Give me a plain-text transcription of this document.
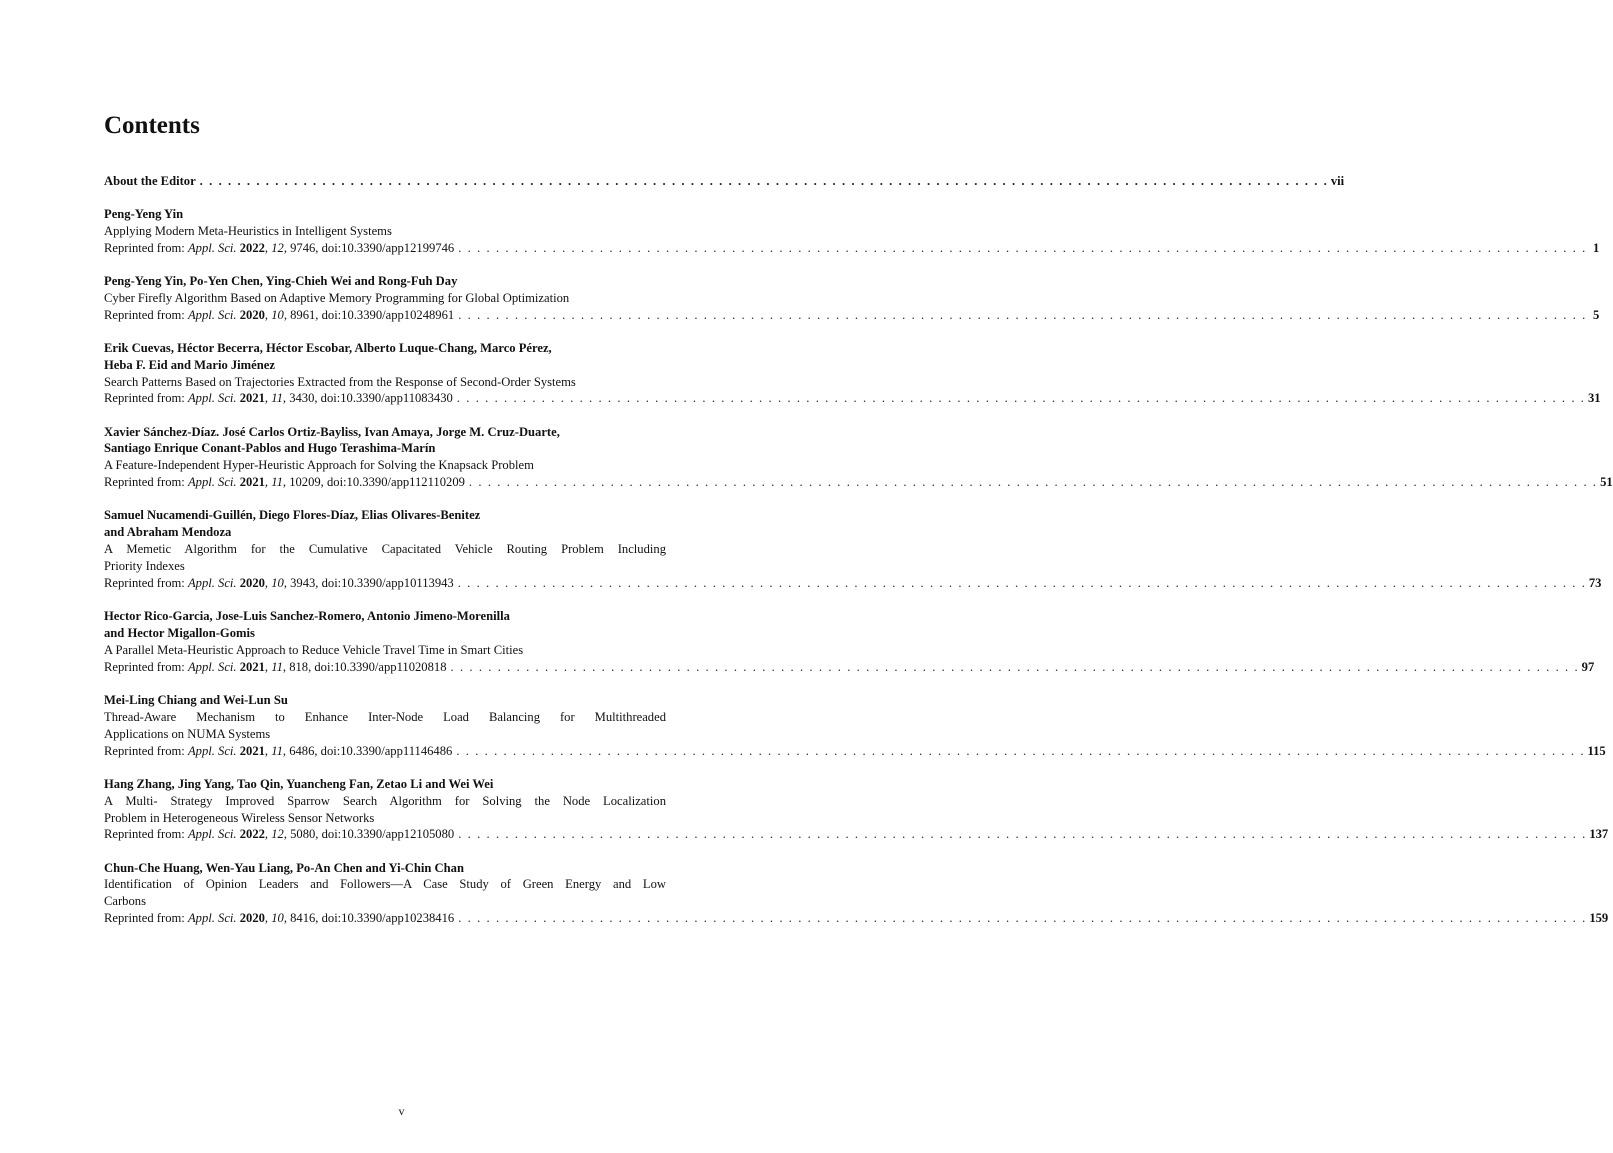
Contents
About the Editor . . . . . . . . . . . . . . . . . . . . . . . . . . . . . . . . . . . . . . . . . . . . . . . . . . . . . . . . . . . . . . . . . . . . . . . . . . . . . . . . . . . . . . . . . . . . . . . . . . . . . . . . . . . . . . . . . . . . . . . . vii
Peng-Yeng Yin
Applying Modern Meta-Heuristics in Intelligent Systems
Reprinted from: Appl. Sci. 2022, 12, 9746, doi:10.3390/app12199746 . . . . . . . . . . . . . . . . . . . . . . . . . . . . . . . . . . . . . . . . . . . . . . . . . . . . . . . . . . . . . . . . . . . . . . . . . . . . . . . . . . . . . . . . . . . . . . . . . . . . . . . . . . . . . . . . . . . . . . . . 1
Peng-Yeng Yin, Po-Yen Chen, Ying-Chieh Wei and Rong-Fuh Day
Cyber Firefly Algorithm Based on Adaptive Memory Programming for Global Optimization
Reprinted from: Appl. Sci. 2020, 10, 8961, doi:10.3390/app10248961 . . . . . . . . . . . . . . . . . . . . . . . . . . . . . . . . . . . . . . . . . . . . . . . . . . . . . . . . . . . . . . . . . . . . . . . . . . . . . . . . . . . . . . . . . . . . . . . . . . . . . . . . . . . . . . . . . . . . . . . . 5
Erik Cuevas, Héctor Becerra, Héctor Escobar, Alberto Luque-Chang, Marco Pérez,
Heba F. Eid and Mario Jiménez
Search Patterns Based on Trajectories Extracted from the Response of Second-Order Systems
Reprinted from: Appl. Sci. 2021, 11, 3430, doi:10.3390/app11083430 . . . . . . . . . . . . . . . . . . . . . . . . . . . . . . . . . . . . . . . . . . . . . . . . . . . . . . . . . . . . . . . . . . . . . . . . . . . . . . . . . . . . . . . . . . . . . . . . . . . . . . . . . . . . . . . . . . . . . . . . 31
Xavier Sánchez-Díaz. José Carlos Ortiz-Bayliss, Ivan Amaya, Jorge M. Cruz-Duarte,
Santiago Enrique Conant-Pablos and Hugo Terashima-Marín
A Feature-Independent Hyper-Heuristic Approach for Solving the Knapsack Problem
Reprinted from: Appl. Sci. 2021, 11, 10209, doi:10.3390/app112110209 . . . . . . . . . . . . . . . . . . . . . . . . . . . . . . . . . . . . . . . . . . . . . . . . . . . . . . . . . . . . . . . . . . . . . . . . . . . . . . . . . . . . . . . . . . . . . . . . . . . . . . . . . . . . . . . . . . . . . . . . 51
Samuel Nucamendi-Guillén, Diego Flores-Díaz, Elias Olivares-Benitez
and Abraham Mendoza
A Memetic Algorithm for the Cumulative Capacitated Vehicle Routing Problem Including
Priority Indexes
Reprinted from: Appl. Sci. 2020, 10, 3943, doi:10.3390/app10113943 . . . . . . . . . . . . . . . . . . . . . . . . . . . . . . . . . . . . . . . . . . . . . . . . . . . . . . . . . . . . . . . . . . . . . . . . . . . . . . . . . . . . . . . . . . . . . . . . . . . . . . . . . . . . . . . . . . . . . . . . 73
Hector Rico-Garcia, Jose-Luis Sanchez-Romero, Antonio Jimeno-Morenilla
and Hector Migallon-Gomis
A Parallel Meta-Heuristic Approach to Reduce Vehicle Travel Time in Smart Cities
Reprinted from: Appl. Sci. 2021, 11, 818, doi:10.3390/app11020818 . . . . . . . . . . . . . . . . . . . . . . . . . . . . . . . . . . . . . . . . . . . . . . . . . . . . . . . . . . . . . . . . . . . . . . . . . . . . . . . . . . . . . . . . . . . . . . . . . . . . . . . . . . . . . . . . . . . . . . . . 97
Mei-Ling Chiang and Wei-Lun Su
Thread-Aware Mechanism to Enhance Inter-Node Load Balancing for Multithreaded
Applications on NUMA Systems
Reprinted from: Appl. Sci. 2021, 11, 6486, doi:10.3390/app11146486 . . . . . . . . . . . . . . . . . . . . . . . . . . . . . . . . . . . . . . . . . . . . . . . . . . . . . . . . . . . . . . . . . . . . . . . . . . . . . . . . . . . . . . . . . . . . . . . . . . . . . . . . . . . . . . . . . . . . . . . . 115
Hang Zhang, Jing Yang, Tao Qin, Yuancheng Fan, Zetao Li and Wei Wei
A Multi- Strategy Improved Sparrow Search Algorithm for Solving the Node Localization
Problem in Heterogeneous Wireless Sensor Networks
Reprinted from: Appl. Sci. 2022, 12, 5080, doi:10.3390/app12105080 . . . . . . . . . . . . . . . . . . . . . . . . . . . . . . . . . . . . . . . . . . . . . . . . . . . . . . . . . . . . . . . . . . . . . . . . . . . . . . . . . . . . . . . . . . . . . . . . . . . . . . . . . . . . . . . . . . . . . . . . 137
Chun-Che Huang, Wen-Yau Liang, Po-An Chen and Yi-Chin Chan
Identification of Opinion Leaders and Followers—A Case Study of Green Energy and Low
Carbons
Reprinted from: Appl. Sci. 2020, 10, 8416, doi:10.3390/app10238416 . . . . . . . . . . . . . . . . . . . . . . . . . . . . . . . . . . . . . . . . . . . . . . . . . . . . . . . . . . . . . . . . . . . . . . . . . . . . . . . . . . . . . . . . . . . . . . . . . . . . . . . . . . . . . . . . . . . . . . . . 159
v
